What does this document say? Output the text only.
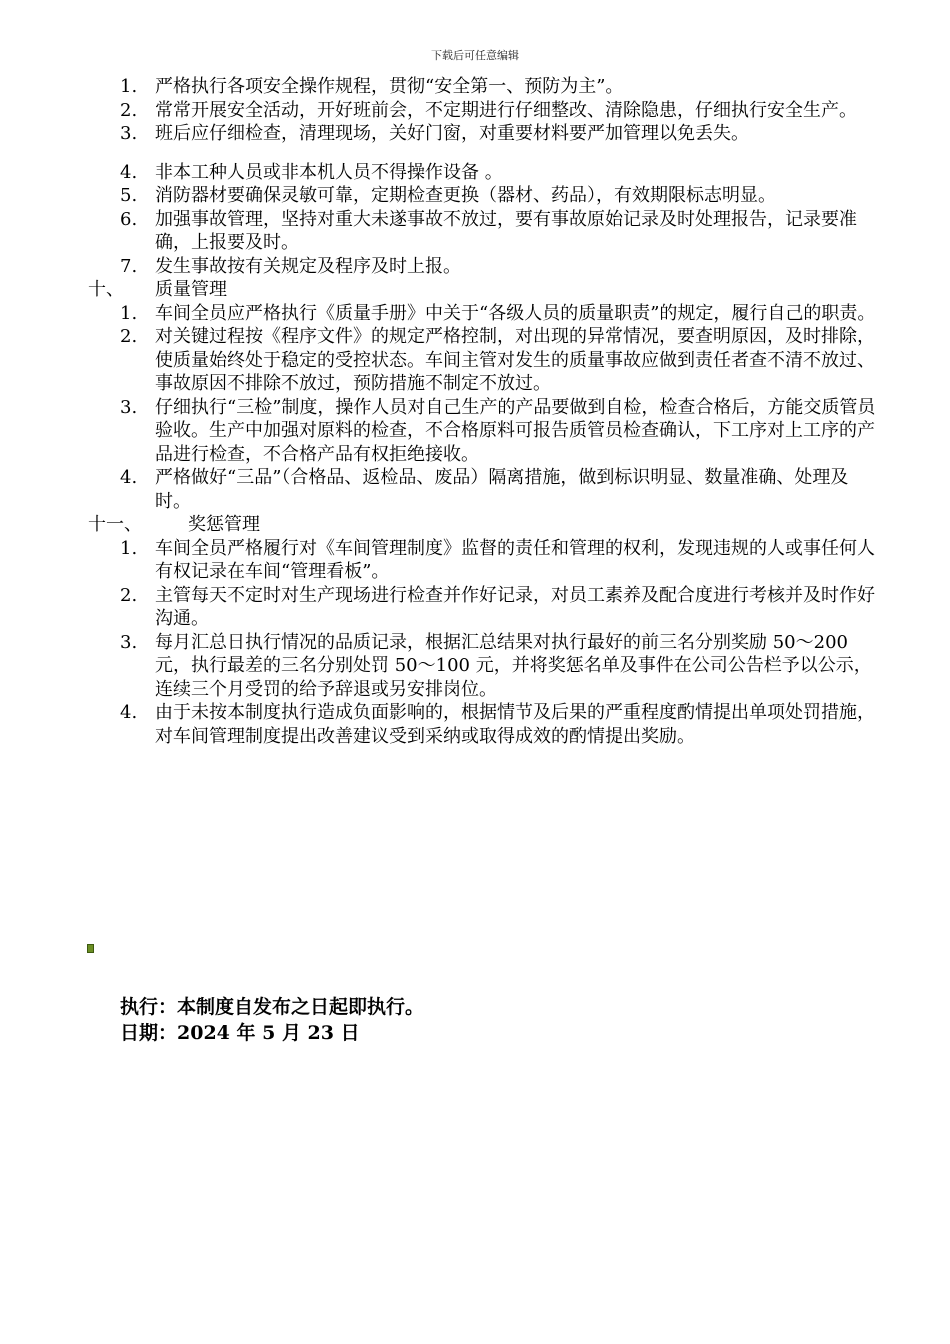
下载后可任意编辑
1. 严格执行各项安全操作规程，贯彻“安全第一、预防为主”。
2. 常常开展安全活动，开好班前会，不定期进行仔细整改、清除隐患，仔细执行安全生产。
3. 班后应仔细检查，清理现场，关好门窗，对重要材料要严加管理以免丢失。
4. 非本工种人员或非本机人员不得操作设备 。
5. 消防器材要确保灵敏可靠，定期检查更换（器材、药品），有效期限标志明显。
6. 加强事故管理，坚持对重大未遂事故不放过，要有事故原始记录及时处理报告，记录要准确，上报要及时。
7. 发生事故按有关规定及程序及时上报。
十、 质量管理
1. 车间全员应严格执行《质量手册》中关于“各级人员的质量职责”的规定，履行自己的职责。
2. 对关键过程按《程序文件》的规定严格控制，对出现的异常情况，要查明原因，及时排除，使质量始终处于稳定的受控状态。车间主管对发生的质量事故应做到责任者查不清不放过、事故原因不排除不放过，预防措施不制定不放过。
3. 仔细执行“三检”制度，操作人员对自己生产的产品要做到自检，检查合格后，方能交质管员验收。生产中加强对原料的检查，不合格原料可报告质管员检查确认，下工序对上工序的产品进行检查，不合格产品有权拒绝接收。
4. 严格做好“三品”（合格品、返检品、废品）隔离措施，做到标识明显、数量准确、处理及时。
十一、	奖惩管理
1. 车间全员严格履行对《车间管理制度》监督的责任和管理的权利，发现违规的人或事任何人有权记录在车间“管理看板”。
2. 主管每天不定时对生产现场进行检查并作好记录，对员工素养及配合度进行考核并及时作好沟通。
3. 每月汇总日执行情况的品质记录，根据汇总结果对执行最好的前三名分别奖励 50～200 元，执行最差的三名分别处罚 50～100 元，并将奖惩名单及事件在公司公告栏予以公示，连续三个月受罚的给予辞退或另安排岗位。
4. 由于未按本制度执行造成负面影响的，根据情节及后果的严重程度酌情提出单项处罚措施，对车间管理制度提出改善建议受到采纳或取得成效的酌情提出奖励。
执行：本制度自发布之日起即执行。
日期：2024 年 5 月 23 日
